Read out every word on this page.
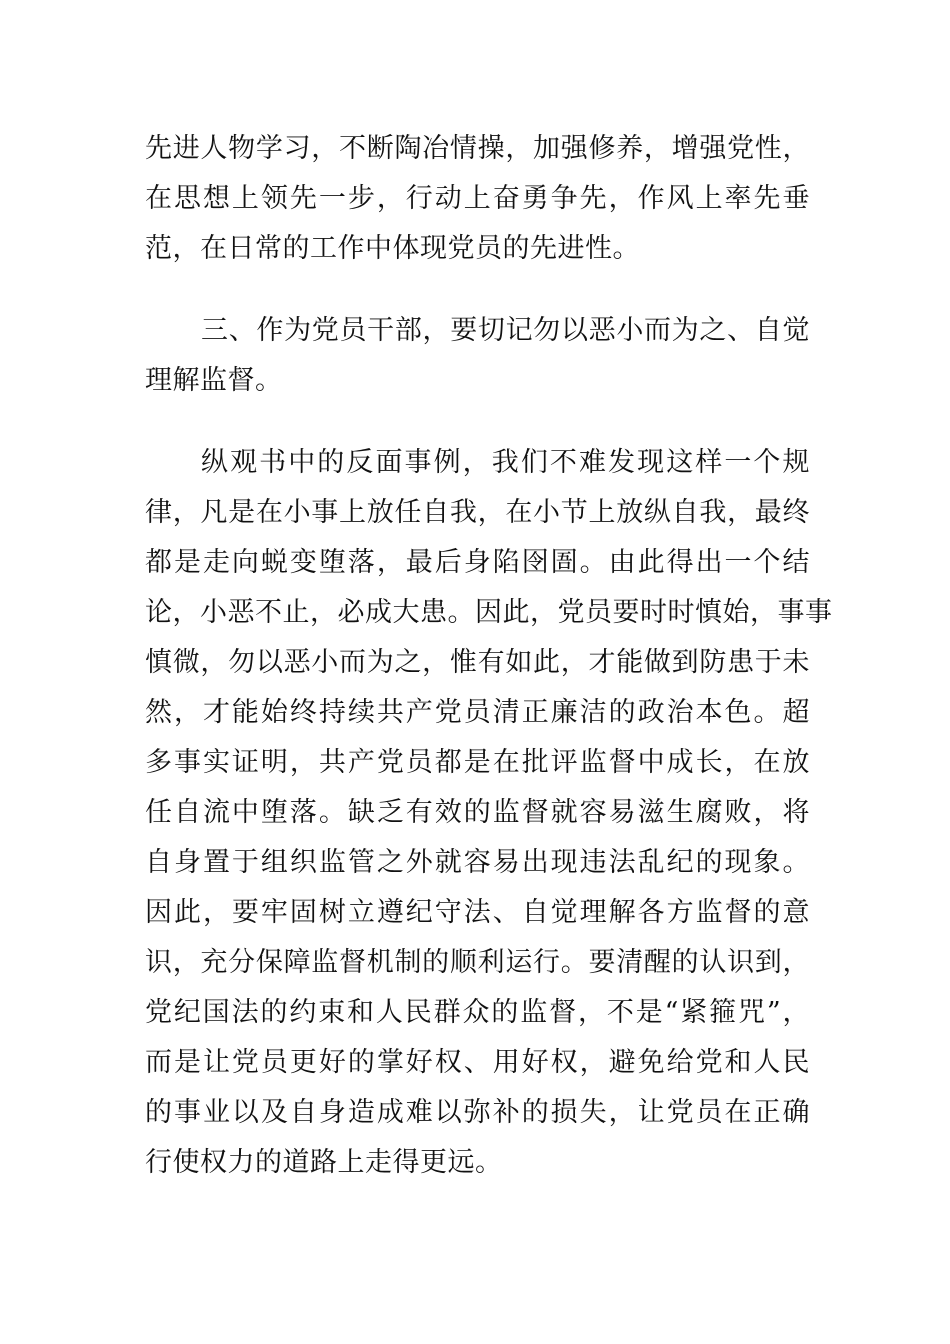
先进人物学习，不断陶冶情操，加强修养，增强党性，
在思想上领先一步，行动上奋勇争先，作风上率先垂
范，在日常的工作中体现党员的先进性。
三、作为党员干部，要切记勿以恶小而为之、自觉
理解监督。
纵观书中的反面事例，我们不难发现这样一个规
律，凡是在小事上放任自我，在小节上放纵自我，最终
都是走向蜕变堕落，最后身陷囹圄。由此得出一个结
论，小恶不止，必成大患。因此，党员要时时慎始，事事
慎微，勿以恶小而为之，惟有如此，才能做到防患于未
然，才能始终持续共产党员清正廉洁的政治本色。超
多事实证明，共产党员都是在批评监督中成长，在放
任自流中堕落。缺乏有效的监督就容易滋生腐败，将
自身置于组织监管之外就容易出现违法乱纪的现象。
因此，要牢固树立遵纪守法、自觉理解各方监督的意
识，充分保障监督机制的顺利运行。要清醒的认识到，
党纪国法的约束和人民群众的监督，不是“紧箍咒”，
而是让党员更好的掌好权、用好权，避免给党和人民
的事业以及自身造成难以弥补的损失，让党员在正确
行使权力的道路上走得更远。
